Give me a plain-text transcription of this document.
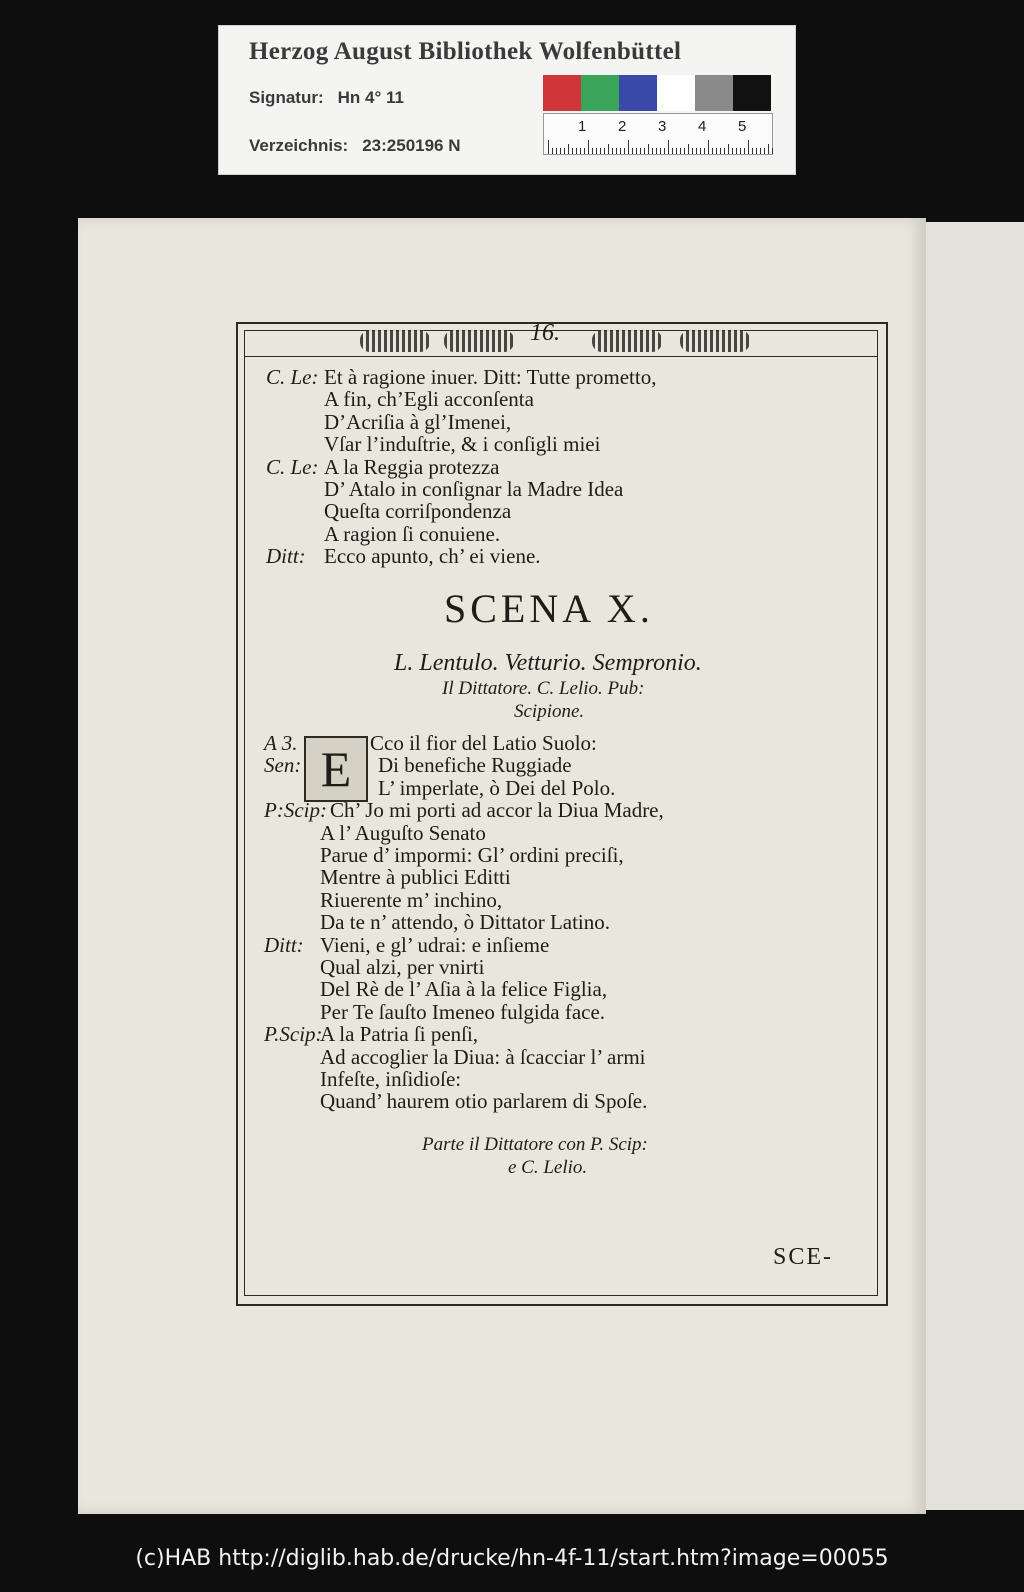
Herzog August Bibliothek Wolfenbüttel
Signatur: Hn 4° 11
Verzeichnis: 23:250196 N
1 2 3 4 5
16.
C. Le: Et à ragione inuer. Ditt: Tutte prometto,
A fin, ch’Egli acconſenta
D’Acriſia à gl’Imenei,
Vſar l’induſtrie, & i conſigli miei
C. Le: A la Reggia protezza
D’ Atalo in conſignar la Madre Idea
Queſta corriſpondenza
A ragion ſi conuiene.
Ditt: Ecco apunto, ch’ ei viene.
SCENA X.
L. Lentulo. Vetturio. Sempronio.
Il Dittatore. C. Lelio. Pub:
Scipione.
E
A 3.	Cco il fior del Latio Suolo:
Sen:	Di benefiche Ruggiade
L’ imperlate, ò Dei del Polo.
P:Scip: Ch’ Jo mi porti ad accor la Diua Madre,
A l’ Auguſto Senato
Parue d’ impormi: Gl’ ordini preciſi,
Mentre à publici Editti
Riuerente m’ inchino,
Da te n’ attendo, ò Dittator Latino.
Ditt: Vieni, e gl’ udrai: e inſieme
Qual alzi, per vnirti
Del Rè de l’ Aſia à la felice Figlia,
Per Te ſauſto Imeneo fulgida face.
P.Scip:
A la Patria ſi penſi,
Ad accoglier la Diua: à ſcacciar l’ armi
Infeſte, inſidioſe:
Quand’ haurem otio parlarem di Spoſe.
Parte il Dittatore con P. Scip:
e C. Lelio.
SCE-
(c)HAB http://diglib.hab.de/drucke/hn-4f-11/start.htm?image=00055
